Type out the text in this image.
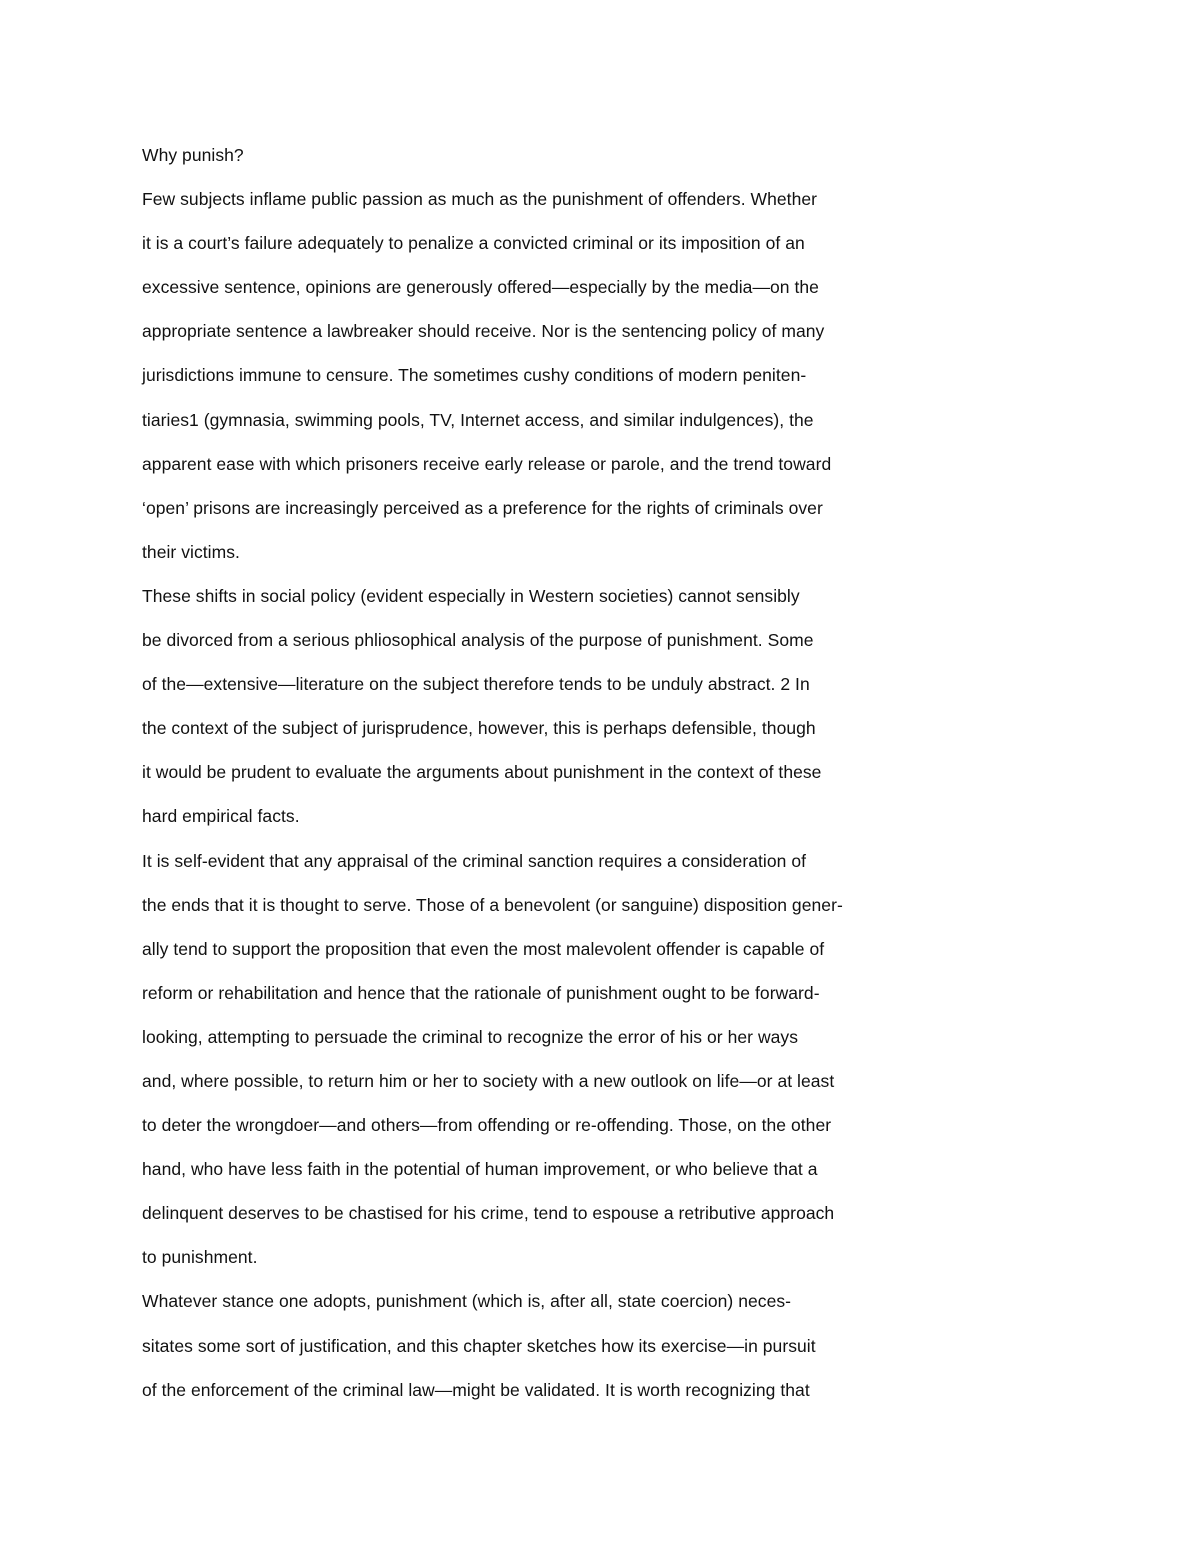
Why punish?
Few subjects inflame public passion as much as the punishment of offenders. Whether
it is a court’s failure adequately to penalize a convicted criminal or its imposition of an
excessive sentence, opinions are generously offered—especially by the media—on the
appropriate sentence a lawbreaker should receive. Nor is the sentencing policy of many
jurisdictions immune to censure. The sometimes cushy conditions of modern peniten-
tiaries1 (gymnasia, swimming pools, TV, Internet access, and similar indulgences), the
apparent ease with which prisoners receive early release or parole, and the trend toward
‘open’ prisons are increasingly perceived as a preference for the rights of criminals over
their victims.
These shifts in social policy (evident especially in Western societies) cannot sensibly
be divorced from a serious phliosophical analysis of the purpose of punishment. Some
of the—extensive—literature on the subject therefore tends to be unduly abstract. 2 In
the context of the subject of jurisprudence, however, this is perhaps defensible, though
it would be prudent to evaluate the arguments about punishment in the context of these
hard empirical facts.
It is self-evident that any appraisal of the criminal sanction requires a consideration of
the ends that it is thought to serve. Those of a benevolent (or sanguine) disposition gener-
ally tend to support the proposition that even the most malevolent offender is capable of
reform or rehabilitation and hence that the rationale of punishment ought to be forward-
looking, attempting to persuade the criminal to recognize the error of his or her ways
and, where possible, to return him or her to society with a new outlook on life—or at least
to deter the wrongdoer—and others—from offending or re-offending. Those, on the other
hand, who have less faith in the potential of human improvement, or who believe that a
delinquent deserves to be chastised for his crime, tend to espouse a retributive approach
to punishment.
Whatever stance one adopts, punishment (which is, after all, state coercion) neces-
sitates some sort of justification, and this chapter sketches how its exercise—in pursuit
of the enforcement of the criminal law—might be validated. It is worth recognizing that
